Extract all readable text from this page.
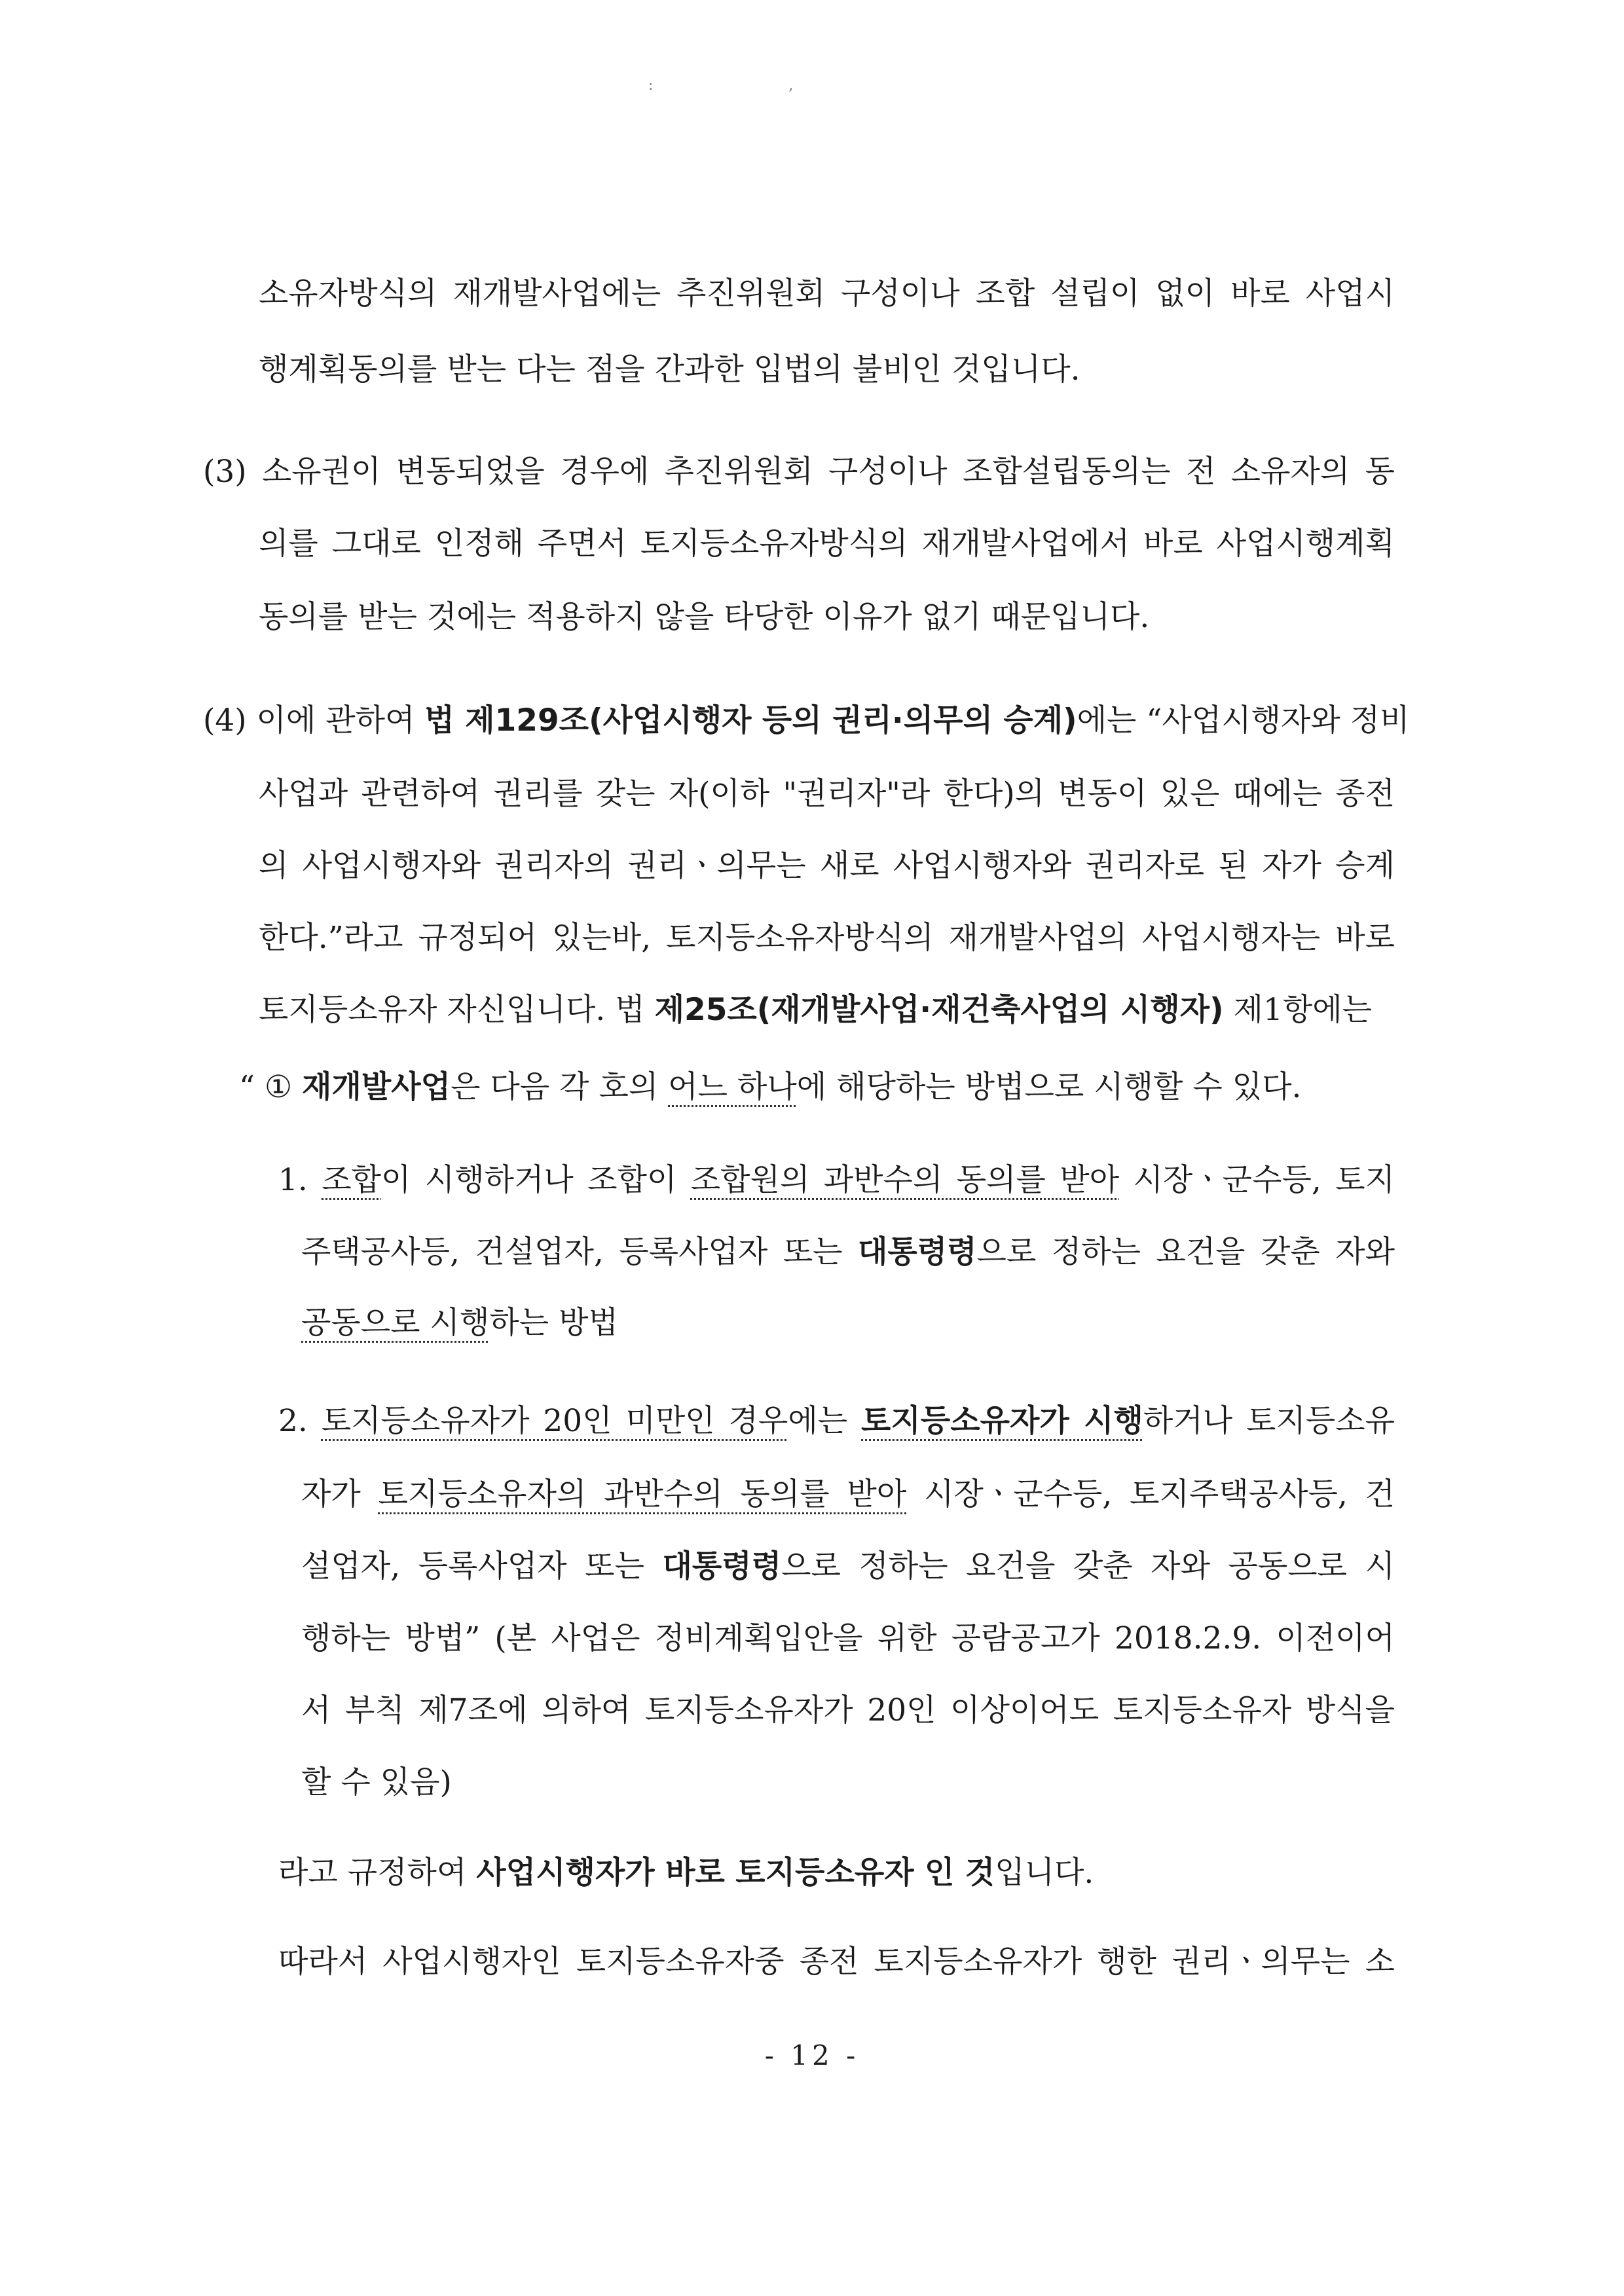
: ,
소유자방식의 재개발사업에는 추진위원회 구성이나 조합 설립이 없이 바로 사업시
행계획동의를 받는 다는 점을 간과한 입법의 불비인 것입니다.
(3) 소유권이 변동되었을 경우에 추진위원회 구성이나 조합설립동의는 전 소유자의 동
의를 그대로 인정해 주면서 토지등소유자방식의 재개발사업에서 바로 사업시행계획
동의를 받는 것에는 적용하지 않을 타당한 이유가 없기 때문입니다.
(4) 이에 관하여 법 제129조(사업시행자 등의 권리·의무의 승계)에는 “사업시행자와 정비
사업과 관련하여 권리를 갖는 자(이하 "권리자"라 한다)의 변동이 있은 때에는 종전
의 사업시행자와 권리자의 권리ㆍ의무는 새로 사업시행자와 권리자로 된 자가 승계
한다.”라고 규정되어 있는바, 토지등소유자방식의 재개발사업의 사업시행자는 바로
토지등소유자 자신입니다. 법 제25조(재개발사업·재건축사업의 시행자) 제1항에는
“ ① 재개발사업은 다음 각 호의 어느 하나에 해당하는 방법으로 시행할 수 있다.
1. 조합이 시행하거나 조합이 조합원의 과반수의 동의를 받아 시장ㆍ군수등, 토지
주택공사등, 건설업자, 등록사업자 또는 대통령령으로 정하는 요건을 갖춘 자와
공동으로 시행하는 방법
2. 토지등소유자가 20인 미만인 경우에는 토지등소유자가 시행하거나 토지등소유
자가 토지등소유자의 과반수의 동의를 받아 시장ㆍ군수등, 토지주택공사등, 건
설업자, 등록사업자 또는 대통령령으로 정하는 요건을 갖춘 자와 공동으로 시
행하는 방법” (본 사업은 정비계획입안을 위한 공람공고가 2018.2.9. 이전이어
서 부칙 제7조에 의하여 토지등소유자가 20인 이상이어도 토지등소유자 방식을
할 수 있음)
라고 규정하여 사업시행자가 바로 토지등소유자 인 것입니다.
따라서 사업시행자인 토지등소유자중 종전 토지등소유자가 행한 권리ㆍ의무는 소
- 12 -
